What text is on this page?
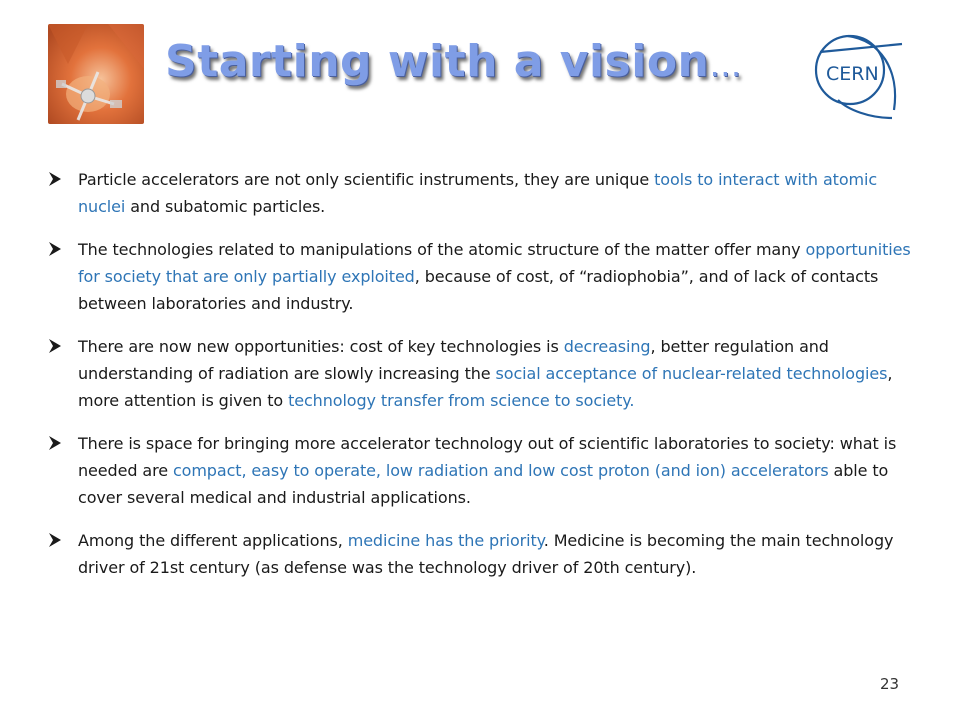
Starting with a vision…	CERN
Particle accelerators are not only scientific instruments, they are unique tools to interact with atomic nuclei and subatomic particles.
The technologies related to manipulations of the atomic structure of the matter offer many opportunities for society that are only partially exploited, because of cost, of “radiophobia”, and of lack of contacts between laboratories and industry.
There are now new opportunities: cost of key technologies is decreasing, better regulation and understanding of radiation are slowly increasing the social acceptance of nuclear-related technologies, more attention is given to technology transfer from science to society.
There is space for bringing more accelerator technology out of scientific laboratories to society: what is needed are compact, easy to operate, low radiation and low cost proton (and ion) accelerators able to cover several medical and industrial applications.
Among the different applications, medicine has the priority. Medicine is becoming the main technology driver of 21st century (as defense was the technology driver of 20th century).
23
